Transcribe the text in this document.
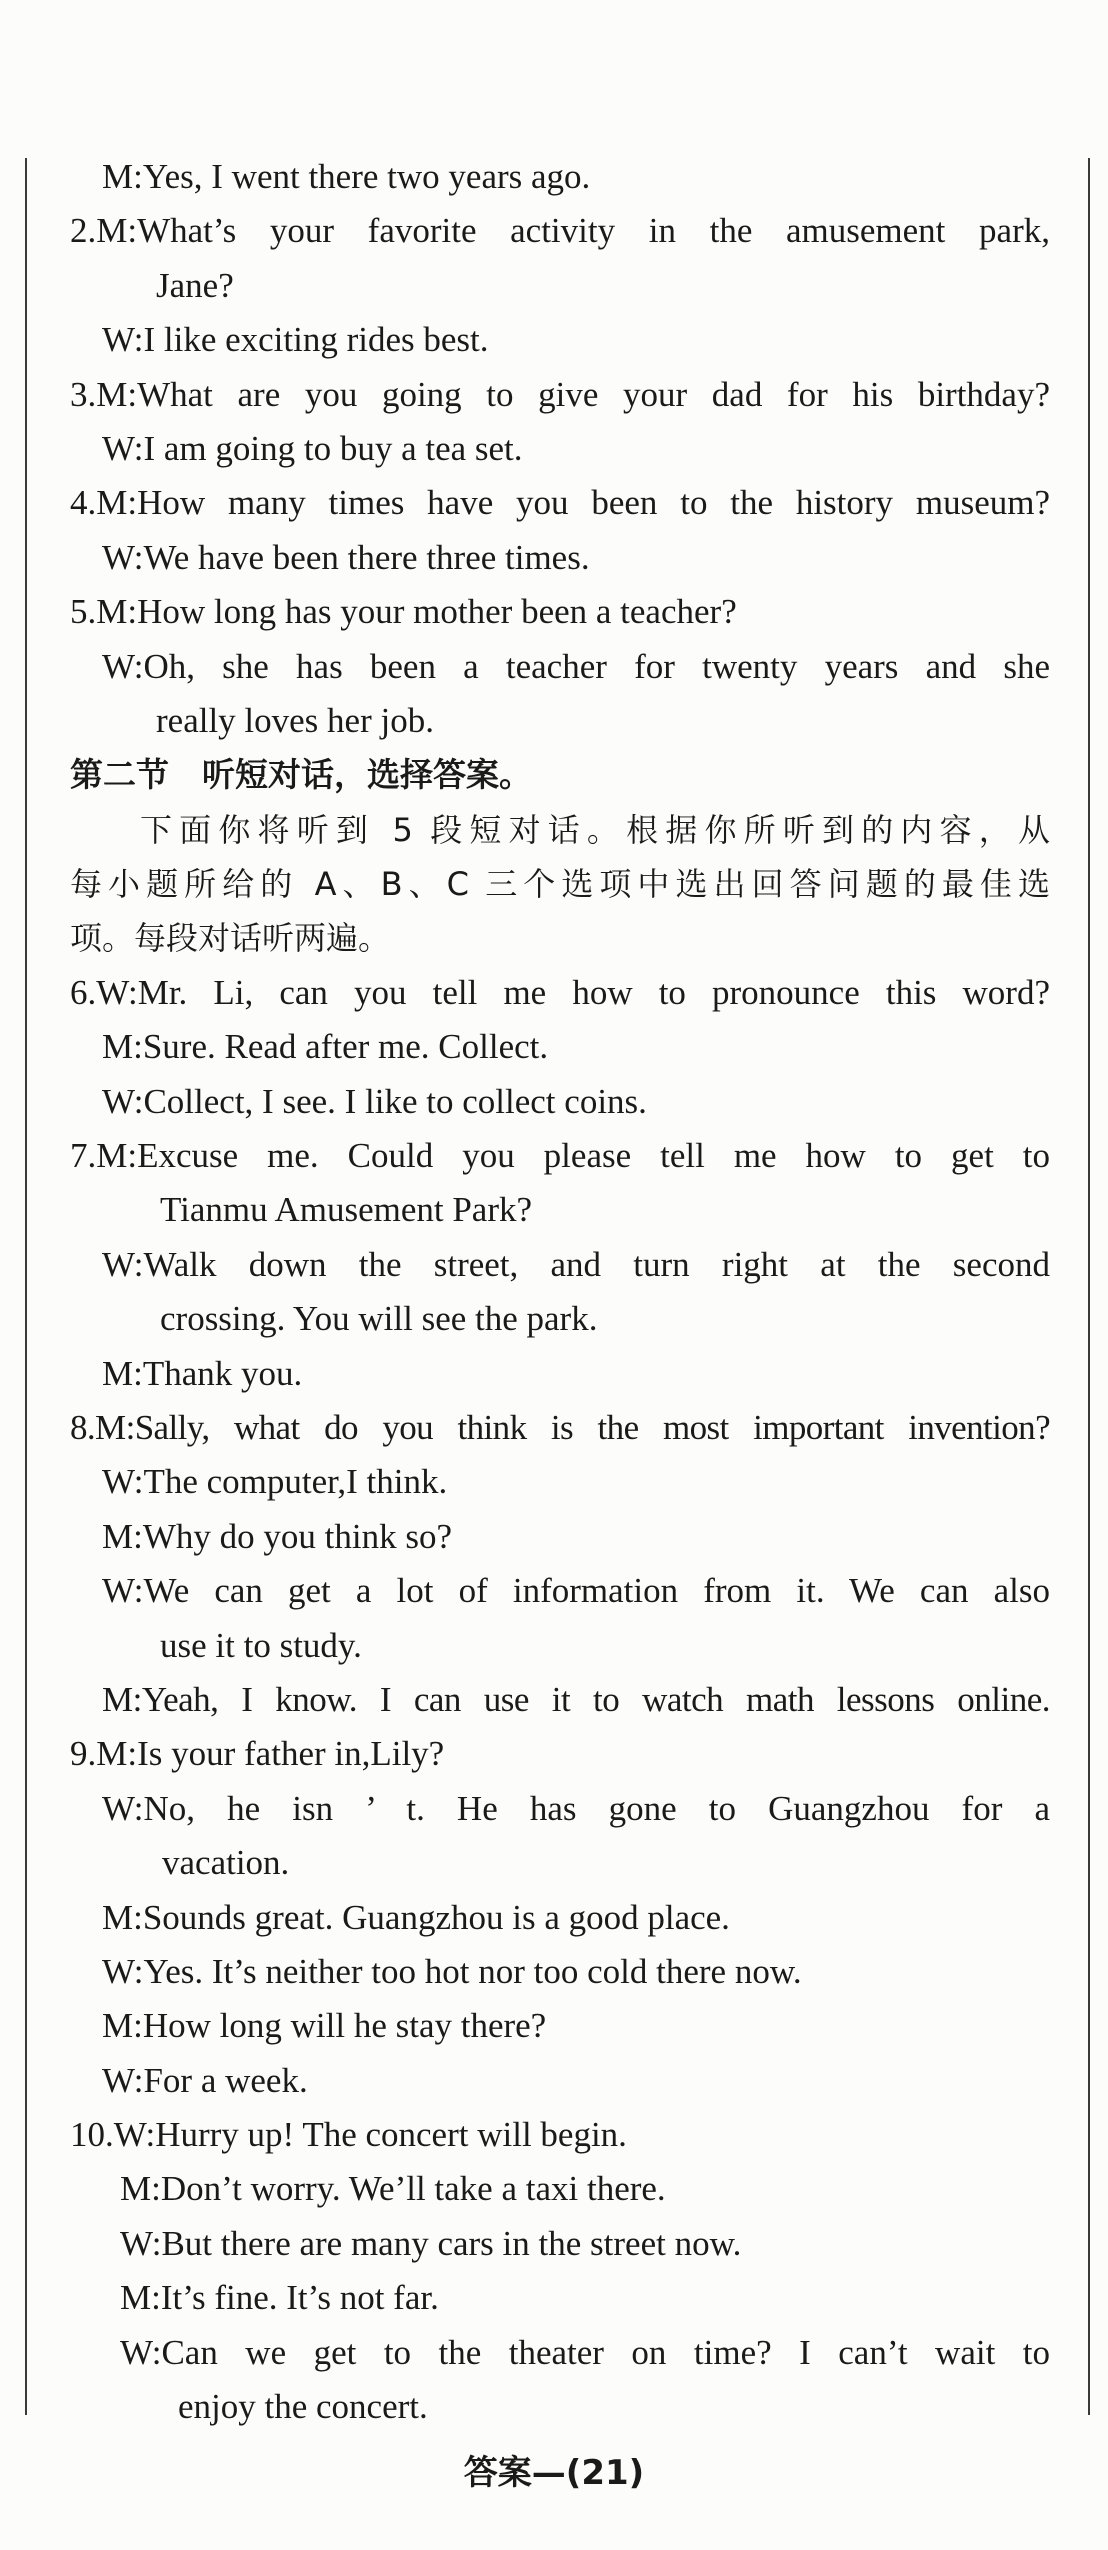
M:Yes, I went there two years ago.
2.M:What’s your favorite activity in the amusement park,
Jane?
W:I like exciting rides best.
3.M:What are you going to give your dad for his birthday?
W:I am going to buy a tea set.
4.M:How many times have you been to the history museum?
W:We have been there three times.
5.M:How long has your mother been a teacher?
W:Oh, she has been a teacher for twenty years and she
really loves her job.
第二节　听短对话，选择答案。
下面你将听到 5 段短对话。根据你所听到的内容，从
每小题所给的 A、B、C 三个选项中选出回答问题的最佳选
项。每段对话听两遍。
6.W:Mr. Li, can you tell me how to pronounce this word?
M:Sure. Read after me. Collect.
W:Collect, I see. I like to collect coins.
7.M:Excuse me. Could you please tell me how to get to
Tianmu Amusement Park?
W:Walk down the street, and turn right at the second
crossing. You will see the park.
M:Thank you.
8.M:Sally, what do you think is the most important invention?
W:The computer,I think.
M:Why do you think so?
W:We can get a lot of information from it. We can also
use it to study.
M:Yeah, I know. I can use it to watch math lessons online.
9.M:Is your father in,Lily?
W:No, he isn ’ t. He has gone to Guangzhou for a
vacation.
M:Sounds great. Guangzhou is a good place.
W:Yes. It’s neither too hot nor too cold there now.
M:How long will he stay there?
W:For a week.
10.W:Hurry up! The concert will begin.
M:Don’t worry. We’ll take a taxi there.
W:But there are many cars in the street now.
M:It’s fine. It’s not far.
W:Can we get to the theater on time? I can’t wait to
enjoy the concert.
答案—(21)
